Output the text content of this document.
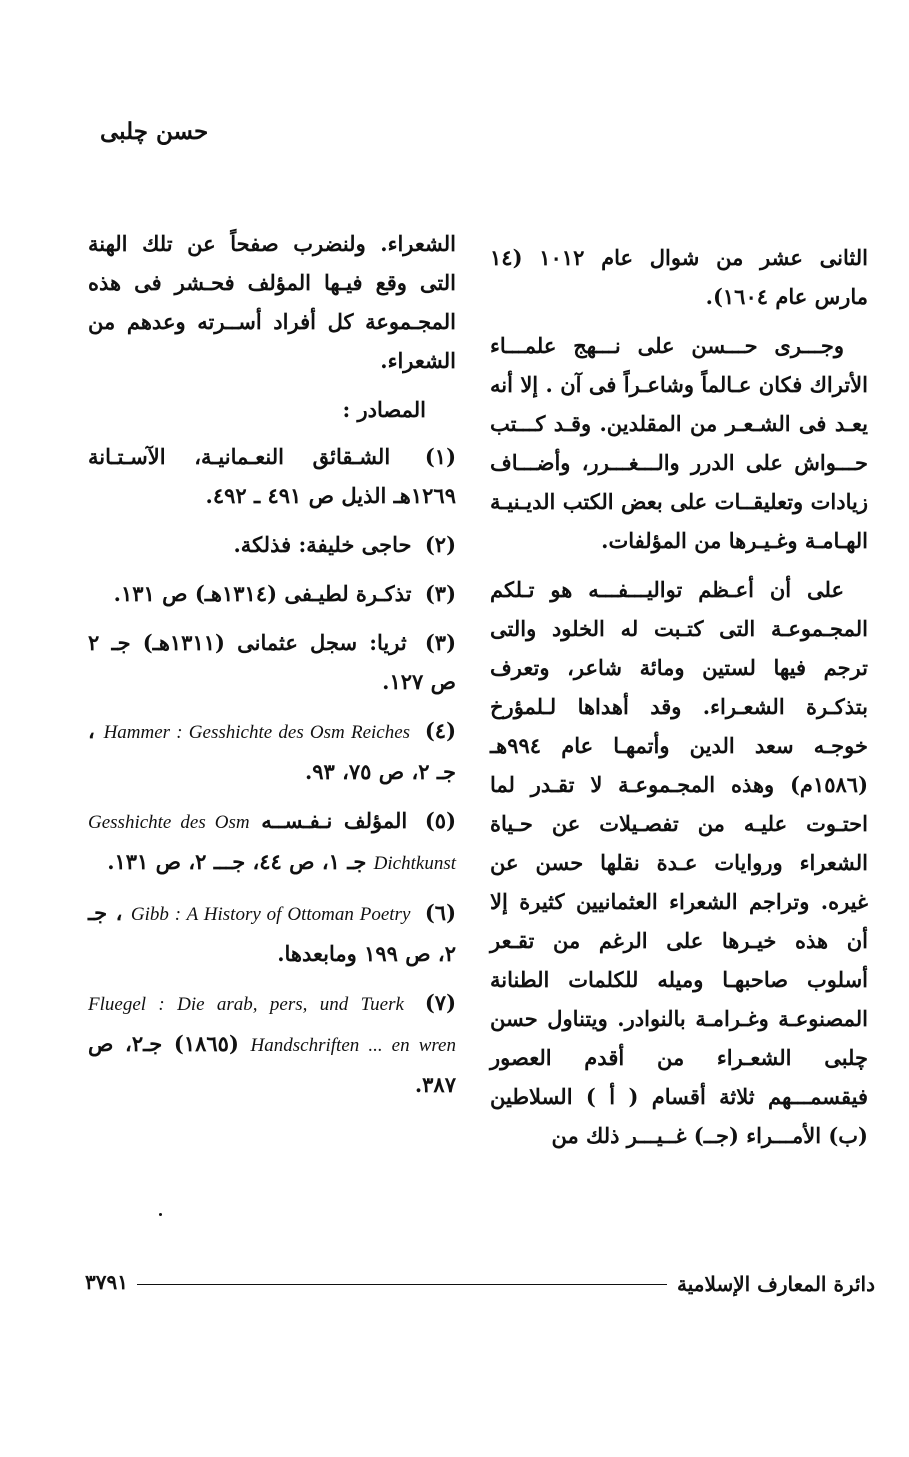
حسن چلبى

الثانى عشر من شوال عام ١٠١٢ (١٤ مارس عام ١٦٠٤).

وجـــرى حـــسن على نـــهج علمـــاء الأتراك فكان عـالماً وشاعـراً فى آن . إلا أنه يعـد فى الشـعـر من المقلدين. وقـد كـــتب حـــواش على الدرر والـــغـــرر، وأضـــاف زيادات وتعليقــات على بعض الكتب الديـنيـة الهـامـة وغـيـرها من المؤلفات.

على أن أعـظم تواليـــفـــه هو تـلكم المجـموعـة التى كتـبت له الخلود والتى ترجم فيها لستين ومائة شاعر، وتعرف بتذكـرة الشعـراء. وقد أهداها لـلمؤرخ خوجـه سعد الدين وأتمهـا عام ٩٩٤هـ (١٥٨٦م) وهذه المجـموعـة لا تقـدر لما احتـوت عليـه من تفصـيلات عن حـياة الشعراء وروايات عـدة نقلها حسن عن غيره. وتراجم الشعراء العثمانيين كثيرة إلا أن هذه خيـرها على الرغم من تقـعر أسلوب صاحبهـا وميله للكلمات الطنانة المصنوعـة وغـرامـة بالنوادر. ويتناول حسن چلبى الشعـراء من أقدم العصور فيقسمـــهم ثلاثة أقسام ( أ ) السلاطين (ب) الأمـــراء (جــ) غــيـــر ذلك من

الشعراء. ولنضرب صفحاً عن تلك الهنة التى وقع فيـها المؤلف فحـشر فى هذه المجـموعة كل أفراد أســرته وعدهم من الشعراء.

المصادر :

(١) الشـقائق النعـمانيـة، الآسـتـانة ١٢٦٩هـ الذيل ص ٤٩١ ـ ٤٩٢.

(٢) حاجى خليفة: فذلكة.

(٣) تذكـرة لطيـفى (١٣١٤هـ) ص ١٣١.

(٣) ثريا: سجل عثمانى (١٣١١هـ) جـ ٢ ص ١٢٧.

(٤) Hammer : Gesshichte des Osm Reiches ، جـ ٢، ص ٧٥، ٩٣.

(٥) المؤلف نـفـســه Gesshichte des Osm Dichtkunst جـ ١، ص ٤٤، جـــ ٢، ص ١٣١.

(٦) Gibb : A History of Ottoman Poetry ، جـ ٢، ص ١٩٩ ومابعدها.

(٧) Fluegel : Die arab, pers, und Tuerk Handschriften ... en wren (١٨٦٥) جـ٢، ص ٣٨٧.

٣٧٩١	دائرة المعارف الإسلامية
